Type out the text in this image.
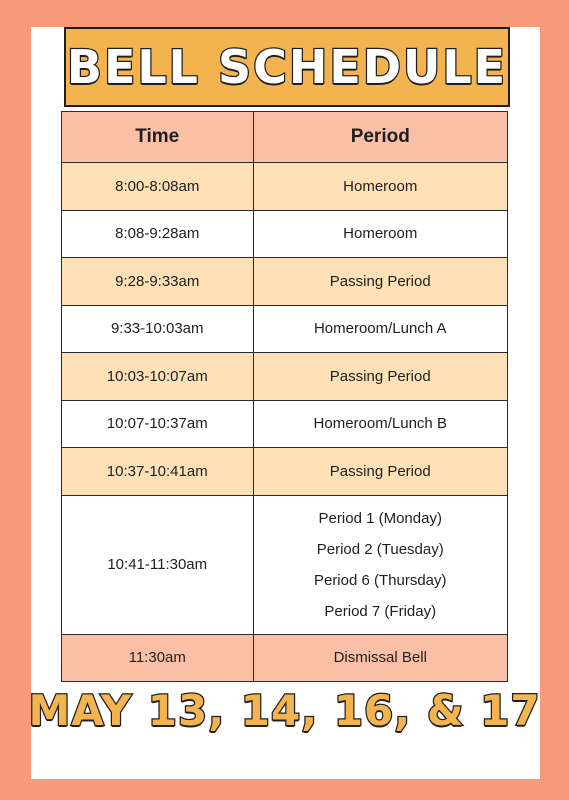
BELL SCHEDULE
Time	Period
8:00-8:08am	Homeroom
8:08-9:28am	Homeroom
9:28-9:33am	Passing Period
9:33-10:03am	Homeroom/Lunch A
10:03-10:07am	Passing Period
10:07-10:37am	Homeroom/Lunch B
10:37-10:41am	Passing Period
10:41-11:30am	Period 1 (Monday)
Period 2 (Tuesday)
Period 6 (Thursday)
Period 7 (Friday)

11:30am	Dismissal Bell
MAY 13, 14, 16, & 17
